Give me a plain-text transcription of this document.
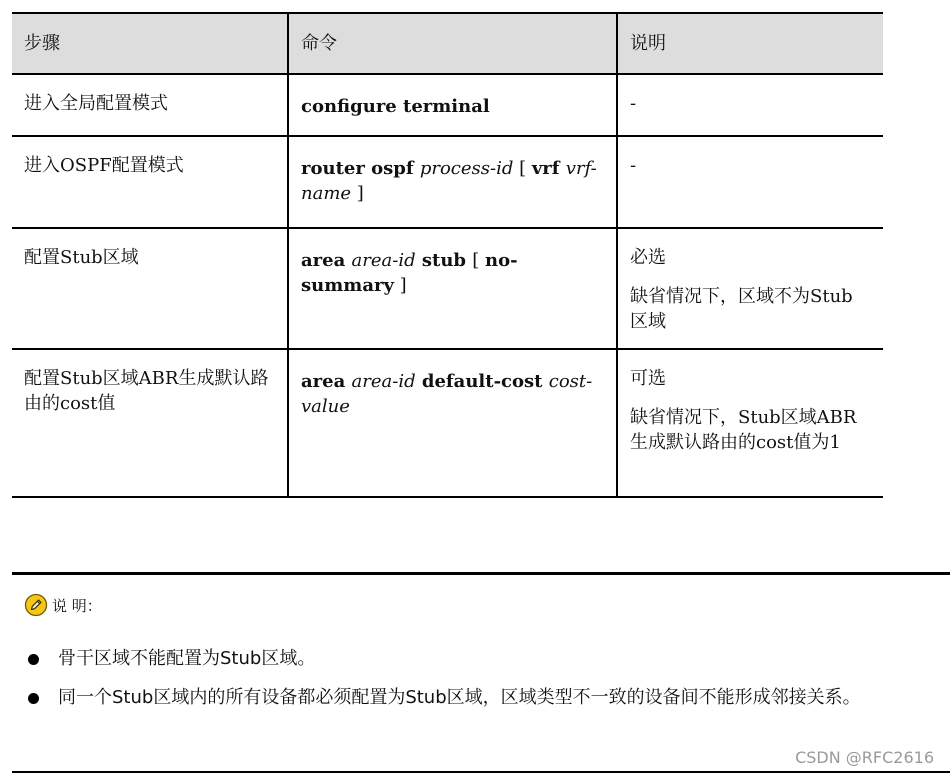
步骤	命令	说明
进入全局配置模式	configure terminal	-

进入OSPF配置模式	router ospf process-id [ vrf vrf-name ]	-

配置Stub区域	area area-id stub [ no-summary ]	必选
缺省情况下，区域不为Stub区域

配置Stub区域ABR生成默认路由的cost值	area area-id default-cost cost-value	可选
缺省情况下，Stub区域ABR生成默认路由的cost值为1
说 明：
骨干区域不能配置为Stub区域。
同一个Stub区域内的所有设备都必须配置为Stub区域，区域类型不一致的设备间不能形成邻接关系。
CSDN @RFC2616
